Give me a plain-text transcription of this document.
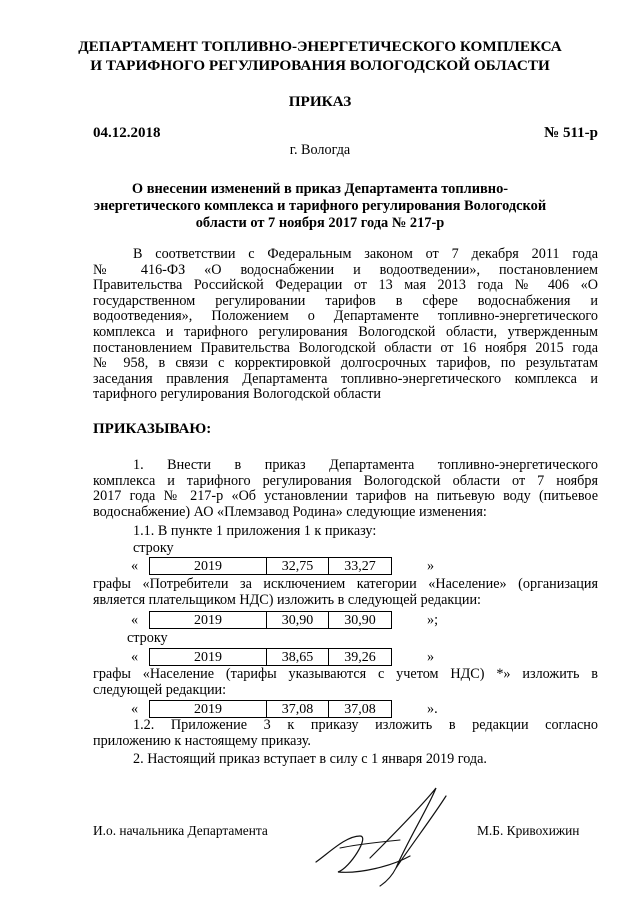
ДЕПАРТАМЕНТ ТОПЛИВНО-ЭНЕРГЕТИЧЕСКОГО КОМПЛЕКСА
И ТАРИФНОГО РЕГУЛИРОВАНИЯ ВОЛОГОДСКОЙ ОБЛАСТИ
ПРИКАЗ
04.12.2018	№ 511-р
г. Вологда
О внесении изменений в приказ Департамента топливно-
энергетического комплекса и тарифного регулирования Вологодской
области от 7 ноября 2017 года № 217-р
В соответствии с Федеральным законом от 7 декабря 2011 года
№ 416-ФЗ «О водоснабжении и водоотведении», постановлением
Правительства Российской Федерации от 13 мая 2013 года № 406 «О
государственном регулировании тарифов в сфере водоснабжения и
водоотведения», Положением о Департаменте топливно-энергетического
комплекса и тарифного регулирования Вологодской области, утвержденным
постановлением Правительства Вологодской области от 16 ноября 2015 года
№ 958, в связи с корректировкой долгосрочных тарифов, по результатам
заседания правления Департамента топливно-энергетического комплекса и
тарифного регулирования Вологодской области
ПРИКАЗЫВАЮ:
1. Внести в приказ Департамента топливно-энергетического
комплекса и тарифного регулирования Вологодской области от 7 ноября
2017 года № 217-р «Об установлении тарифов на питьевую воду (питьевое
водоснабжение) АО «Племзавод Родина» следующие изменения:
1.1. В пункте 1 приложения 1 к приказу:
строку
«	2019	32,75	33,27	»
графы «Потребители за исключением категории «Население» (организация
является плательщиком НДС) изложить в следующей редакции:
«	2019	30,90	30,90	»;
строку
«	2019	38,65	39,26	»
графы «Население (тарифы указываются с учетом НДС) *» изложить в
следующей редакции:
«	2019	37,08	37,08	».
1.2. Приложение 3 к приказу изложить в редакции согласно
приложению к настоящему приказу.
2. Настоящий приказ вступает в силу с 1 января 2019 года.
И.о. начальника Департамента	М.Б. Кривохижин
